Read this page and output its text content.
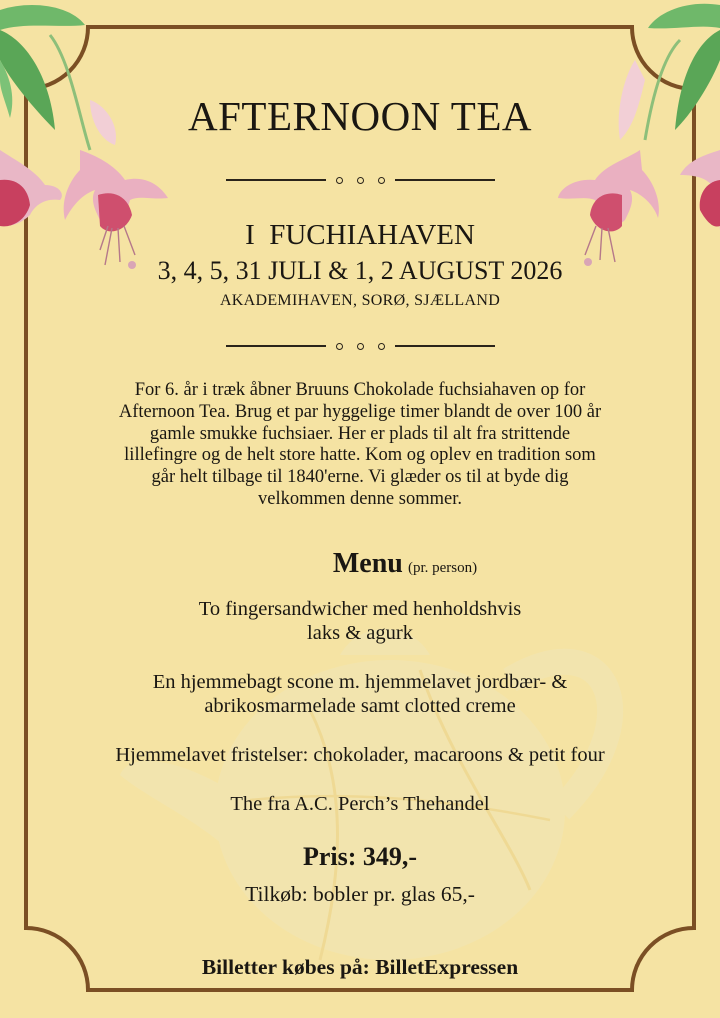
AFTERNOON TEA
I  FUCHIAHAVEN
3, 4, 5, 31 JULI & 1, 2 AUGUST 2026
AKADEMIHAVEN, SORØ, SJÆLLAND

For 6. år i træk åbner Bruuns Chokolade fuchsiahaven op for

Afternoon Tea. Brug et par hyggelige timer blandt de over 100 år

gamle smukke fuchsiaer. Her er plads til alt fra strittende

lillefingre og de helt store hatte. Kom og oplev en tradition som

går helt tilbage til 1840'erne. Vi glæder os til at byde dig

velkommen denne sommer.

Menu (pr. person)
To fingersandwicher med henholdshvis
laks & agurk
En hjemmebagt scone m. hjemmelavet jordbær- &
abrikosmarmelade samt clotted creme
Hjemmelavet fristelser: chokolader, macaroons & petit four
The fra A.C. Perch’s Thehandel
Pris: 349,-
Tilkøb: bobler pr. glas 65,-
Billetter købes på: BilletExpressen
